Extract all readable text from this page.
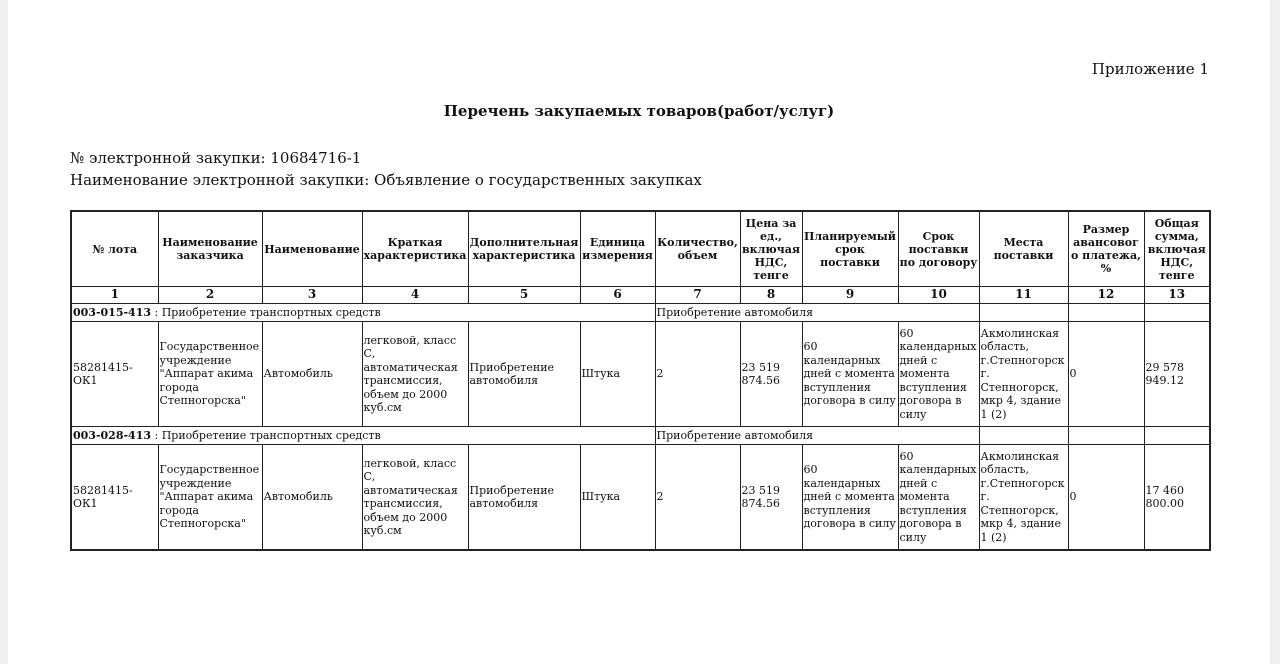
Приложение 1
Перечень закупаемых товаров(работ/услуг)
№ электронной закупки: 10684716-1
Наименование электронной закупки: Объявление о государственных закупках
№ лота	Наименование заказчика	Наименование	Краткая характеристика	Дополнительная характеристика	Единица измерения	Количество, объем	Цена за ед., включая НДС, тенге	Планируемый срок поставки	Срок поставки по договору	Места поставки	Размер авансового платежа, %	Общая сумма, включая НДС, тенге
1	2	3	4	5	6	7	8	9	10	11	12	13
003-015-413 : Приобретение транспортных средств						Приобретение автомобиля						
58281415-ОК1	Государственное учреждение "Аппарат акима города Степногорска"	Автомобиль	легковой, класс С, автоматическая трансмиссия, объем до 2000 куб.см	Приобретение автомобиля	Штука	2	23 519 874.56	60 календарных дней с момента вступления договора в силу	60 календарных дней с момента вступления договора в силу	Акмолинская область, г.Степногорск г. Степногорск, мкр 4, здание 1 (2)	0	29 578 949.12
003-028-413 : Приобретение транспортных средств						Приобретение автомобиля						
58281415-ОК1	Государственное учреждение "Аппарат акима города Степногорска"	Автомобиль	легковой, класс С, автоматическая трансмиссия, объем до 2000 куб.см	Приобретение автомобиля	Штука	2	23 519 874.56	60 календарных дней с момента вступления договора в силу	60 календарных дней с момента вступления договора в силу	Акмолинская область, г.Степногорск г. Степногорск, мкр 4, здание 1 (2)	0	17 460 800.00
